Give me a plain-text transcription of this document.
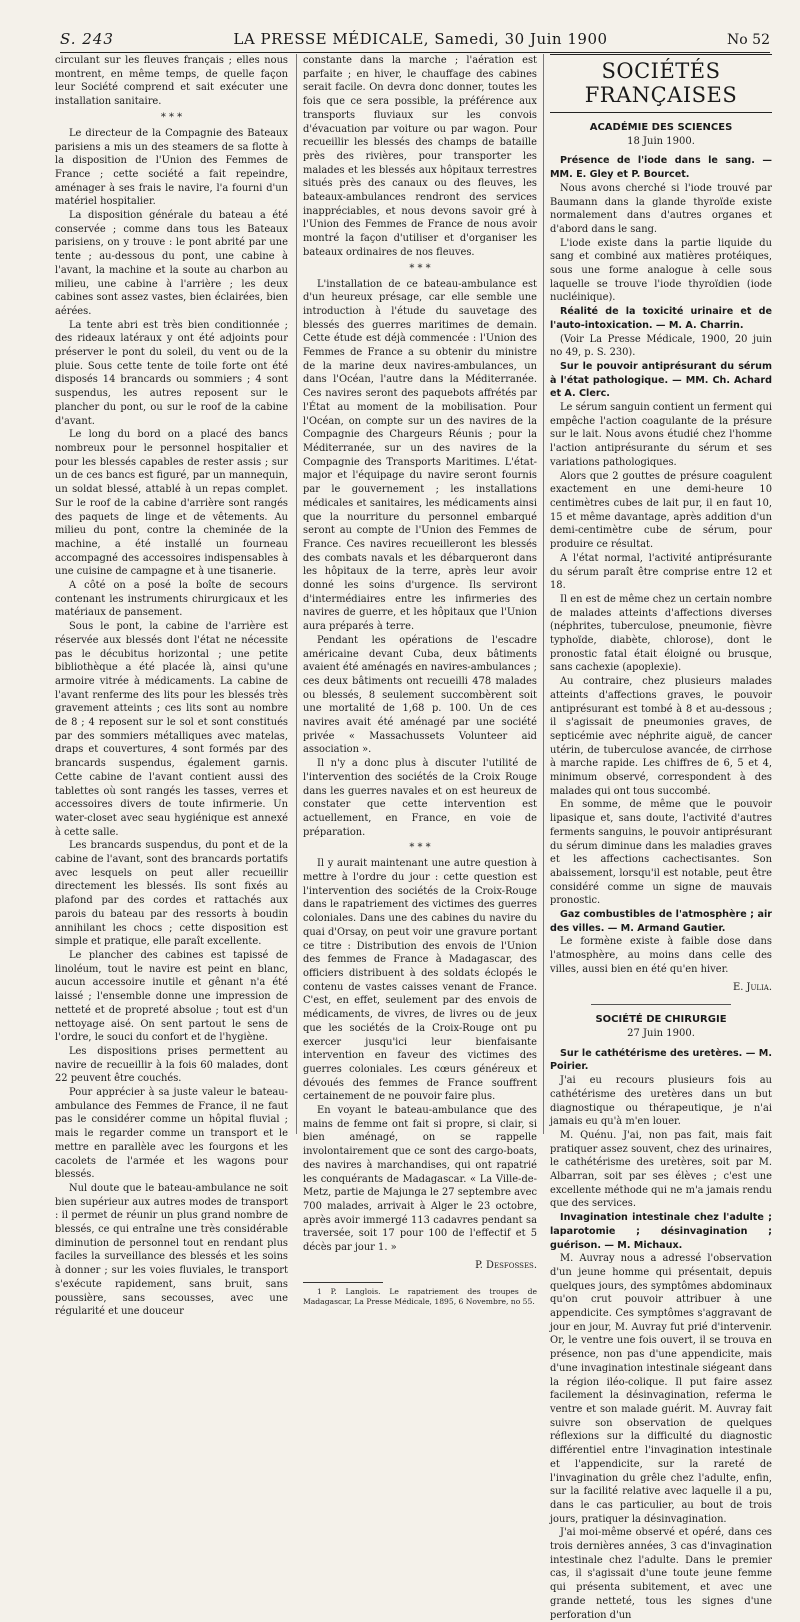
S. 243	LA PRESSE MÉDICALE, Samedi, 30 Juin 1900	No 52

circulant sur les fleuves français ; elles nous montrent, en même temps, de quelle façon leur Société comprend et sait exécuter une installation sanitaire.

* * *

Le directeur de la Compagnie des Bateaux parisiens a mis un des steamers de sa flotte à la disposition de l'Union des Femmes de France ; cette société a fait repeindre, aménager à ses frais le navire, l'a fourni d'un matériel hospitalier.

La disposition générale du bateau a été conservée ; comme dans tous les Bateaux parisiens, on y trouve : le pont abrité par une tente ; au-dessous du pont, une cabine à l'avant, la machine et la soute au charbon au milieu, une cabine à l'arrière ; les deux cabines sont assez vastes, bien éclairées, bien aérées.

La tente abri est très bien conditionnée ; des rideaux latéraux y ont été adjoints pour préserver le pont du soleil, du vent ou de la pluie. Sous cette tente de toile forte ont été disposés 14 brancards ou sommiers ; 4 sont suspendus, les autres reposent sur le plancher du pont, ou sur le roof de la cabine d'avant.

Le long du bord on a placé des bancs nombreux pour le personnel hospitalier et pour les blessés capables de rester assis ; sur un de ces bancs est figuré, par un mannequin, un soldat blessé, attablé à un repas complet. Sur le roof de la cabine d'arrière sont rangés des paquets de linge et de vêtements. Au milieu du pont, contre la cheminée de la machine, a été installé un fourneau accompagné des accessoires indispensables à une cuisine de campagne et à une tisanerie.

A côté on a posé la boîte de secours contenant les instruments chirurgicaux et les matériaux de pansement.

Sous le pont, la cabine de l'arrière est réservée aux blessés dont l'état ne nécessite pas le décubitus horizontal ; une petite bibliothèque a été placée là, ainsi qu'une armoire vitrée à médicaments. La cabine de l'avant renferme des lits pour les blessés très gravement atteints ; ces lits sont au nombre de 8 ; 4 reposent sur le sol et sont constitués par des sommiers métalliques avec matelas, draps et couvertures, 4 sont formés par des brancards suspendus, également garnis. Cette cabine de l'avant contient aussi des tablettes où sont rangés les tasses, verres et accessoires divers de toute infirmerie. Un water-closet avec seau hygiénique est annexé à cette salle.

Les brancards suspendus, du pont et de la cabine de l'avant, sont des brancards portatifs avec lesquels on peut aller recueillir directement les blessés. Ils sont fixés au plafond par des cordes et rattachés aux parois du bateau par des ressorts à boudin annihilant les chocs ; cette disposition est simple et pratique, elle paraît excellente.

Le plancher des cabines est tapissé de linoléum, tout le navire est peint en blanc, aucun accessoire inutile et gênant n'a été laissé ; l'ensemble donne une impression de netteté et de propreté absolue ; tout est d'un nettoyage aisé. On sent partout le sens de l'ordre, le souci du confort et de l'hygiène.

Les dispositions prises permettent au navire de recueillir à la fois 60 malades, dont 22 peuvent être couchés.

Pour apprécier à sa juste valeur le bateau-ambulance des Femmes de France, il ne faut pas le considérer comme un hôpital fluvial ; mais le regarder comme un transport et le mettre en parallèle avec les fourgons et les cacolets de l'armée et les wagons pour blessés.

Nul doute que le bateau-ambulance ne soit bien supérieur aux autres modes de transport : il permet de réunir un plus grand nombre de blessés, ce qui entraîne une très considérable diminution de personnel tout en rendant plus faciles la surveillance des blessés et les soins à donner ; sur les voies fluviales, le transport s'exécute rapidement, sans bruit, sans poussière, sans secousses, avec une régularité et une douceur

constante dans la marche ; l'aération est parfaite ; en hiver, le chauffage des cabines serait facile. On devra donc donner, toutes les fois que ce sera possible, la préférence aux transports fluviaux sur les convois d'évacuation par voiture ou par wagon. Pour recueillir les blessés des champs de bataille près des rivières, pour transporter les malades et les blessés aux hôpitaux terrestres situés près des canaux ou des fleuves, les bateaux-ambulances rendront des services inappréciables, et nous devons savoir gré à l'Union des Femmes de France de nous avoir montré la façon d'utiliser et d'organiser les bateaux ordinaires de nos fleuves.

* * *

L'installation de ce bateau-ambulance est d'un heureux présage, car elle semble une introduction à l'étude du sauvetage des blessés des guerres maritimes de demain. Cette étude est déjà commencée : l'Union des Femmes de France a su obtenir du ministre de la marine deux navires-ambulances, un dans l'Océan, l'autre dans la Méditerranée. Ces navires seront des paquebots affrétés par l'État au moment de la mobilisation. Pour l'Océan, on compte sur un des navires de la Compagnie des Chargeurs Réunis ; pour la Méditerranée, sur un des navires de la Compagnie des Transports Maritimes. L'état-major et l'équipage du navire seront fournis par le gouvernement ; les installations médicales et sanitaires, les médicaments ainsi que la nourriture du personnel embarqué seront au compte de l'Union des Femmes de France. Ces navires recueilleront les blessés des combats navals et les débarqueront dans les hôpitaux de la terre, après leur avoir donné les soins d'urgence. Ils serviront d'intermédiaires entre les infirmeries des navires de guerre, et les hôpitaux que l'Union aura préparés à terre.

Pendant les opérations de l'escadre américaine devant Cuba, deux bâtiments avaient été aménagés en navires-ambulances ; ces deux bâtiments ont recueilli 478 malades ou blessés, 8 seulement succombèrent soit une mortalité de 1,68 p. 100. Un de ces navires avait été aménagé par une société privée « Massachussets Volunteer aid association ».

Il n'y a donc plus à discuter l'utilité de l'intervention des sociétés de la Croix Rouge dans les guerres navales et on est heureux de constater que cette intervention est actuellement, en France, en voie de préparation.

* * *

Il y aurait maintenant une autre question à mettre à l'ordre du jour : cette question est l'intervention des sociétés de la Croix-Rouge dans le rapatriement des victimes des guerres coloniales. Dans une des cabines du navire du quai d'Orsay, on peut voir une gravure portant ce titre : Distribution des envois de l'Union des femmes de France à Madagascar, des officiers distribuent à des soldats éclopés le contenu de vastes caisses venant de France. C'est, en effet, seulement par des envois de médicaments, de vivres, de livres ou de jeux que les sociétés de la Croix-Rouge ont pu exercer jusqu'ici leur bienfaisante intervention en faveur des victimes des guerres coloniales. Les cœurs généreux et dévoués des femmes de France souffrent certainement de ne pouvoir faire plus.

En voyant le bateau-ambulance que des mains de femme ont fait si propre, si clair, si bien aménagé, on se rappelle involontairement que ce sont des cargo-boats, des navires à marchandises, qui ont rapatrié les conquérants de Madagascar. « La Ville-de-Metz, partie de Majunga le 27 septembre avec 700 malades, arrivait à Alger le 23 octobre, après avoir immergé 113 cadavres pendant sa traversée, soit 17 pour 100 de l'effectif et 5 décès par jour 1. »

P. Desfosses.

1 P. Langlois. Le rapatriement des troupes de Madagascar, La Presse Médicale, 1895, 6 Novembre, no 55.

SOCIÉTÉS FRANÇAISES
ACADÉMIE DES SCIENCES
18 Juin 1900.

Présence de l'iode dans le sang. — MM. E. Gley et P. Bourcet.

Nous avons cherché si l'iode trouvé par Baumann dans la glande thyroïde existe normalement dans d'autres organes et d'abord dans le sang.

L'iode existe dans la partie liquide du sang et combiné aux matières protéiques, sous une forme analogue à celle sous laquelle se trouve l'iode thyroïdien (iode nucléinique).

Réalité de la toxicité urinaire et de l'auto-intoxication. — M. A. Charrin.

(Voir La Presse Médicale, 1900, 20 juin no 49, p. S. 230).

Sur le pouvoir antiprésurant du sérum à l'état pathologique. — MM. Ch. Achard et A. Clerc.

Le sérum sanguin contient un ferment qui empêche l'action coagulante de la présure sur le lait. Nous avons étudié chez l'homme l'action antiprésurante du sérum et ses variations pathologiques.

Alors que 2 gouttes de présure coagulent exactement en une demi-heure 10 centimètres cubes de lait pur, il en faut 10, 15 et même davantage, après addition d'un demi-centimètre cube de sérum, pour produire ce résultat.

A l'état normal, l'activité antiprésurante du sérum paraît être comprise entre 12 et 18.

Il en est de même chez un certain nombre de malades atteints d'affections diverses (néphrites, tuberculose, pneumonie, fièvre typhoïde, diabète, chlorose), dont le pronostic fatal était éloigné ou brusque, sans cachexie (apoplexie).

Au contraire, chez plusieurs malades atteints d'affections graves, le pouvoir antiprésurant est tombé à 8 et au-dessous ; il s'agissait de pneumonies graves, de septicémie avec néphrite aiguë, de cancer utérin, de tuberculose avancée, de cirrhose à marche rapide. Les chiffres de 6, 5 et 4, minimum observé, correspondent à des malades qui ont tous succombé.

En somme, de même que le pouvoir lipasique et, sans doute, l'activité d'autres ferments sanguins, le pouvoir antiprésurant du sérum diminue dans les maladies graves et les affections cachectisantes. Son abaissement, lorsqu'il est notable, peut être considéré comme un signe de mauvais pronostic.

Gaz combustibles de l'atmosphère ; air des villes. — M. Armand Gautier.

Le formène existe à faible dose dans l'atmosphère, au moins dans celle des villes, aussi bien en été qu'en hiver.

E. Julia.
SOCIÉTÉ DE CHIRURGIE
27 Juin 1900.

Sur le cathétérisme des uretères. — M. Poirier.

J'ai eu recours plusieurs fois au cathétérisme des uretères dans un but diagnostique ou thérapeutique, je n'ai jamais eu qu'à m'en louer.

M. Quénu. J'ai, non pas fait, mais fait pratiquer assez souvent, chez des urinaires, le cathétérisme des uretères, soit par M. Albarran, soit par ses élèves ; c'est une excellente méthode qui ne m'a jamais rendu que des services.

Invagination intestinale chez l'adulte ; laparotomie ; désinvagination ; guérison. — M. Michaux.

M. Auvray nous a adressé l'observation d'un jeune homme qui présentait, depuis quelques jours, des symptômes abdominaux qu'on crut pouvoir attribuer à une appendicite. Ces symptômes s'aggravant de jour en jour, M. Auvray fut prié d'intervenir. Or, le ventre une fois ouvert, il se trouva en présence, non pas d'une appendicite, mais d'une invagination intestinale siégeant dans la région iléo-colique. Il put faire assez facilement la désinvagination, referma le ventre et son malade guérit. M. Auvray fait suivre son observation de quelques réflexions sur la difficulté du diagnostic différentiel entre l'invagination intestinale et l'appendicite, sur la rareté de l'invagination du grêle chez l'adulte, enfin, sur la facilité relative avec laquelle il a pu, dans le cas particulier, au bout de trois jours, pratiquer la désinvagination.

J'ai moi-même observé et opéré, dans ces trois dernières années, 3 cas d'invagination intestinale chez l'adulte. Dans le premier cas, il s'agissait d'une toute jeune femme qui présenta subitement, et avec une grande netteté, tous les signes d'une perforation d'un
